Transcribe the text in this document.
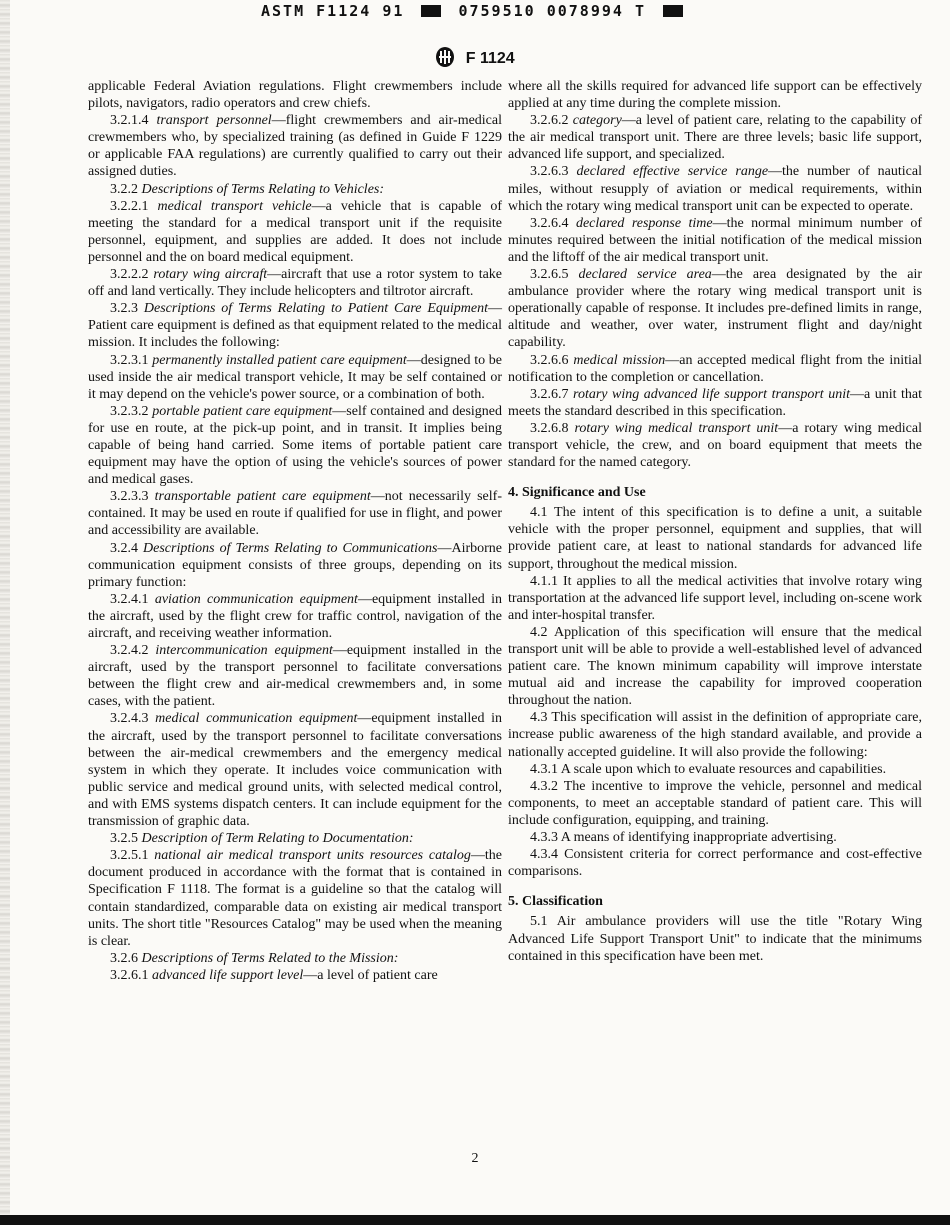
ASTM F1124 91	0759510 0078994 T
F 1124

applicable Federal Aviation regulations. Flight crewmembers include pilots, navigators, radio operators and crew chiefs.

3.2.1.4 transport personnel—flight crewmembers and air-medical crewmembers who, by specialized training (as defined in Guide F 1229 or applicable FAA regulations) are currently qualified to carry out their assigned duties.

3.2.2 Descriptions of Terms Relating to Vehicles:

3.2.2.1 medical transport vehicle—a vehicle that is capable of meeting the standard for a medical transport unit if the requisite personnel, equipment, and supplies are added. It does not include personnel and the on board medical equipment.

3.2.2.2 rotary wing aircraft—aircraft that use a rotor system to take off and land vertically. They include helicopters and tiltrotor aircraft.

3.2.3 Descriptions of Terms Relating to Patient Care Equipment—Patient care equipment is defined as that equipment related to the medical mission. It includes the following:

3.2.3.1 permanently installed patient care equipment—designed to be used inside the air medical transport vehicle, It may be self contained or it may depend on the vehicle's power source, or a combination of both.

3.2.3.2 portable patient care equipment—self contained and designed for use en route, at the pick-up point, and in transit. It implies being capable of being hand carried. Some items of portable patient care equipment may have the option of using the vehicle's sources of power and medical gases.

3.2.3.3 transportable patient care equipment—not necessarily self-contained. It may be used en route if qualified for use in flight, and power and accessibility are available.

3.2.4 Descriptions of Terms Relating to Communications—Airborne communication equipment consists of three groups, depending on its primary function:

3.2.4.1 aviation communication equipment—equipment installed in the aircraft, used by the flight crew for traffic control, navigation of the aircraft, and receiving weather information.

3.2.4.2 intercommunication equipment—equipment installed in the aircraft, used by the transport personnel to facilitate conversations between the flight crew and air-medical crewmembers and, in some cases, with the patient.

3.2.4.3 medical communication equipment—equipment installed in the aircraft, used by the transport personnel to facilitate conversations between the air-medical crewmembers and the emergency medical system in which they operate. It includes voice communication with public service and medical ground units, with selected medical control, and with EMS systems dispatch centers. It can include equipment for the transmission of graphic data.

3.2.5 Description of Term Relating to Documentation:

3.2.5.1 national air medical transport units resources catalog—the document produced in accordance with the format that is contained in Specification F 1118. The format is a guideline so that the catalog will contain standardized, comparable data on existing air medical transport units. The short title "Resources Catalog" may be used when the meaning is clear.

3.2.6 Descriptions of Terms Related to the Mission:

3.2.6.1 advanced life support level—a level of patient care

where all the skills required for advanced life support can be effectively applied at any time during the complete mission.

3.2.6.2 category—a level of patient care, relating to the capability of the air medical transport unit. There are three levels; basic life support, advanced life support, and specialized.

3.2.6.3 declared effective service range—the number of nautical miles, without resupply of aviation or medical requirements, within which the rotary wing medical transport unit can be expected to operate.

3.2.6.4 declared response time—the normal minimum number of minutes required between the initial notification of the medical mission and the liftoff of the air medical transport unit.

3.2.6.5 declared service area—the area designated by the air ambulance provider where the rotary wing medical transport unit is operationally capable of response. It includes pre-defined limits in range, altitude and weather, over water, instrument flight and day/night capability.

3.2.6.6 medical mission—an accepted medical flight from the initial notification to the completion or cancellation.

3.2.6.7 rotary wing advanced life support transport unit—a unit that meets the standard described in this specification.

3.2.6.8 rotary wing medical transport unit—a rotary wing medical transport vehicle, the crew, and on board equipment that meets the standard for the named category.

4. Significance and Use

4.1 The intent of this specification is to define a unit, a suitable vehicle with the proper personnel, equipment and supplies, that will provide patient care, at least to national standards for advanced life support, throughout the medical mission.

4.1.1 It applies to all the medical activities that involve rotary wing transportation at the advanced life support level, including on-scene work and inter-hospital transfer.

4.2 Application of this specification will ensure that the medical transport unit will be able to provide a well-established level of advanced patient care. The known minimum capability will improve interstate mutual aid and increase the capability for improved cooperation throughout the nation.

4.3 This specification will assist in the definition of appropriate care, increase public awareness of the high standard available, and provide a nationally accepted guideline. It will also provide the following:

4.3.1 A scale upon which to evaluate resources and capabilities.

4.3.2 The incentive to improve the vehicle, personnel and medical components, to meet an acceptable standard of patient care. This will include configuration, equipping, and training.

4.3.3 A means of identifying inappropriate advertising.

4.3.4 Consistent criteria for correct performance and cost-effective comparisons.

5. Classification

5.1 Air ambulance providers will use the title "Rotary Wing Advanced Life Support Transport Unit" to indicate that the minimums contained in this specification have been met.

2
